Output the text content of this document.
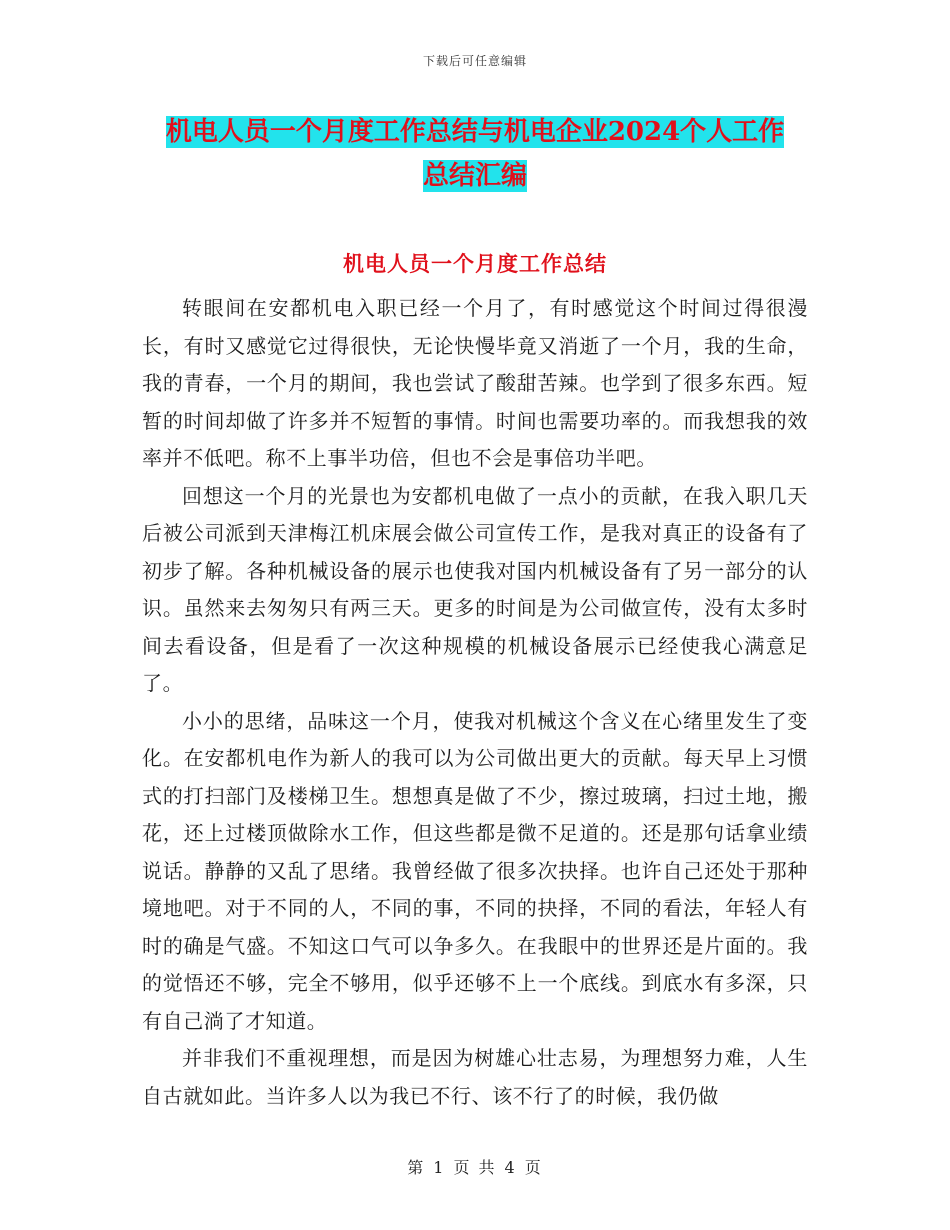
下载后可任意编辑
机电人员一个月度工作总结与机电企业2024个人工作
总结汇编
机电人员一个月度工作总结

转眼间在安都机电入职已经一个月了，有时感觉这个时间过得很漫长，有时又感觉它过得很快，无论快慢毕竟又消逝了一个月，我的生命，我的青春，一个月的期间，我也尝试了酸甜苦辣。也学到了很多东西。短暂的时间却做了许多并不短暂的事情。时间也需要功率的。而我想我的效率并不低吧。称不上事半功倍，但也不会是事倍功半吧。

回想这一个月的光景也为安都机电做了一点小的贡献，在我入职几天后被公司派到天津梅江机床展会做公司宣传工作，是我对真正的设备有了初步了解。各种机械设备的展示也使我对国内机械设备有了另一部分的认识。虽然来去匆匆只有两三天。更多的时间是为公司做宣传，没有太多时间去看设备，但是看了一次这种规模的机械设备展示已经使我心满意足了。

小小的思绪，品味这一个月，使我对机械这个含义在心绪里发生了变化。在安都机电作为新人的我可以为公司做出更大的贡献。每天早上习惯式的打扫部门及楼梯卫生。想想真是做了不少，擦过玻璃，扫过土地，搬花，还上过楼顶做除水工作，但这些都是微不足道的。还是那句话拿业绩说话。静静的又乱了思绪。我曾经做了很多次抉择。也许自己还处于那种境地吧。对于不同的人，不同的事，不同的抉择，不同的看法，年轻人有时的确是气盛。不知这口气可以争多久。在我眼中的世界还是片面的。我的觉悟还不够，完全不够用，似乎还够不上一个底线。到底水有多深，只有自己淌了才知道。

并非我们不重视理想，而是因为树雄心壮志易，为理想努力难，人生自古就如此。当许多人以为我已不行、该不行了的时候，我仍做

第 1 页 共 4 页
